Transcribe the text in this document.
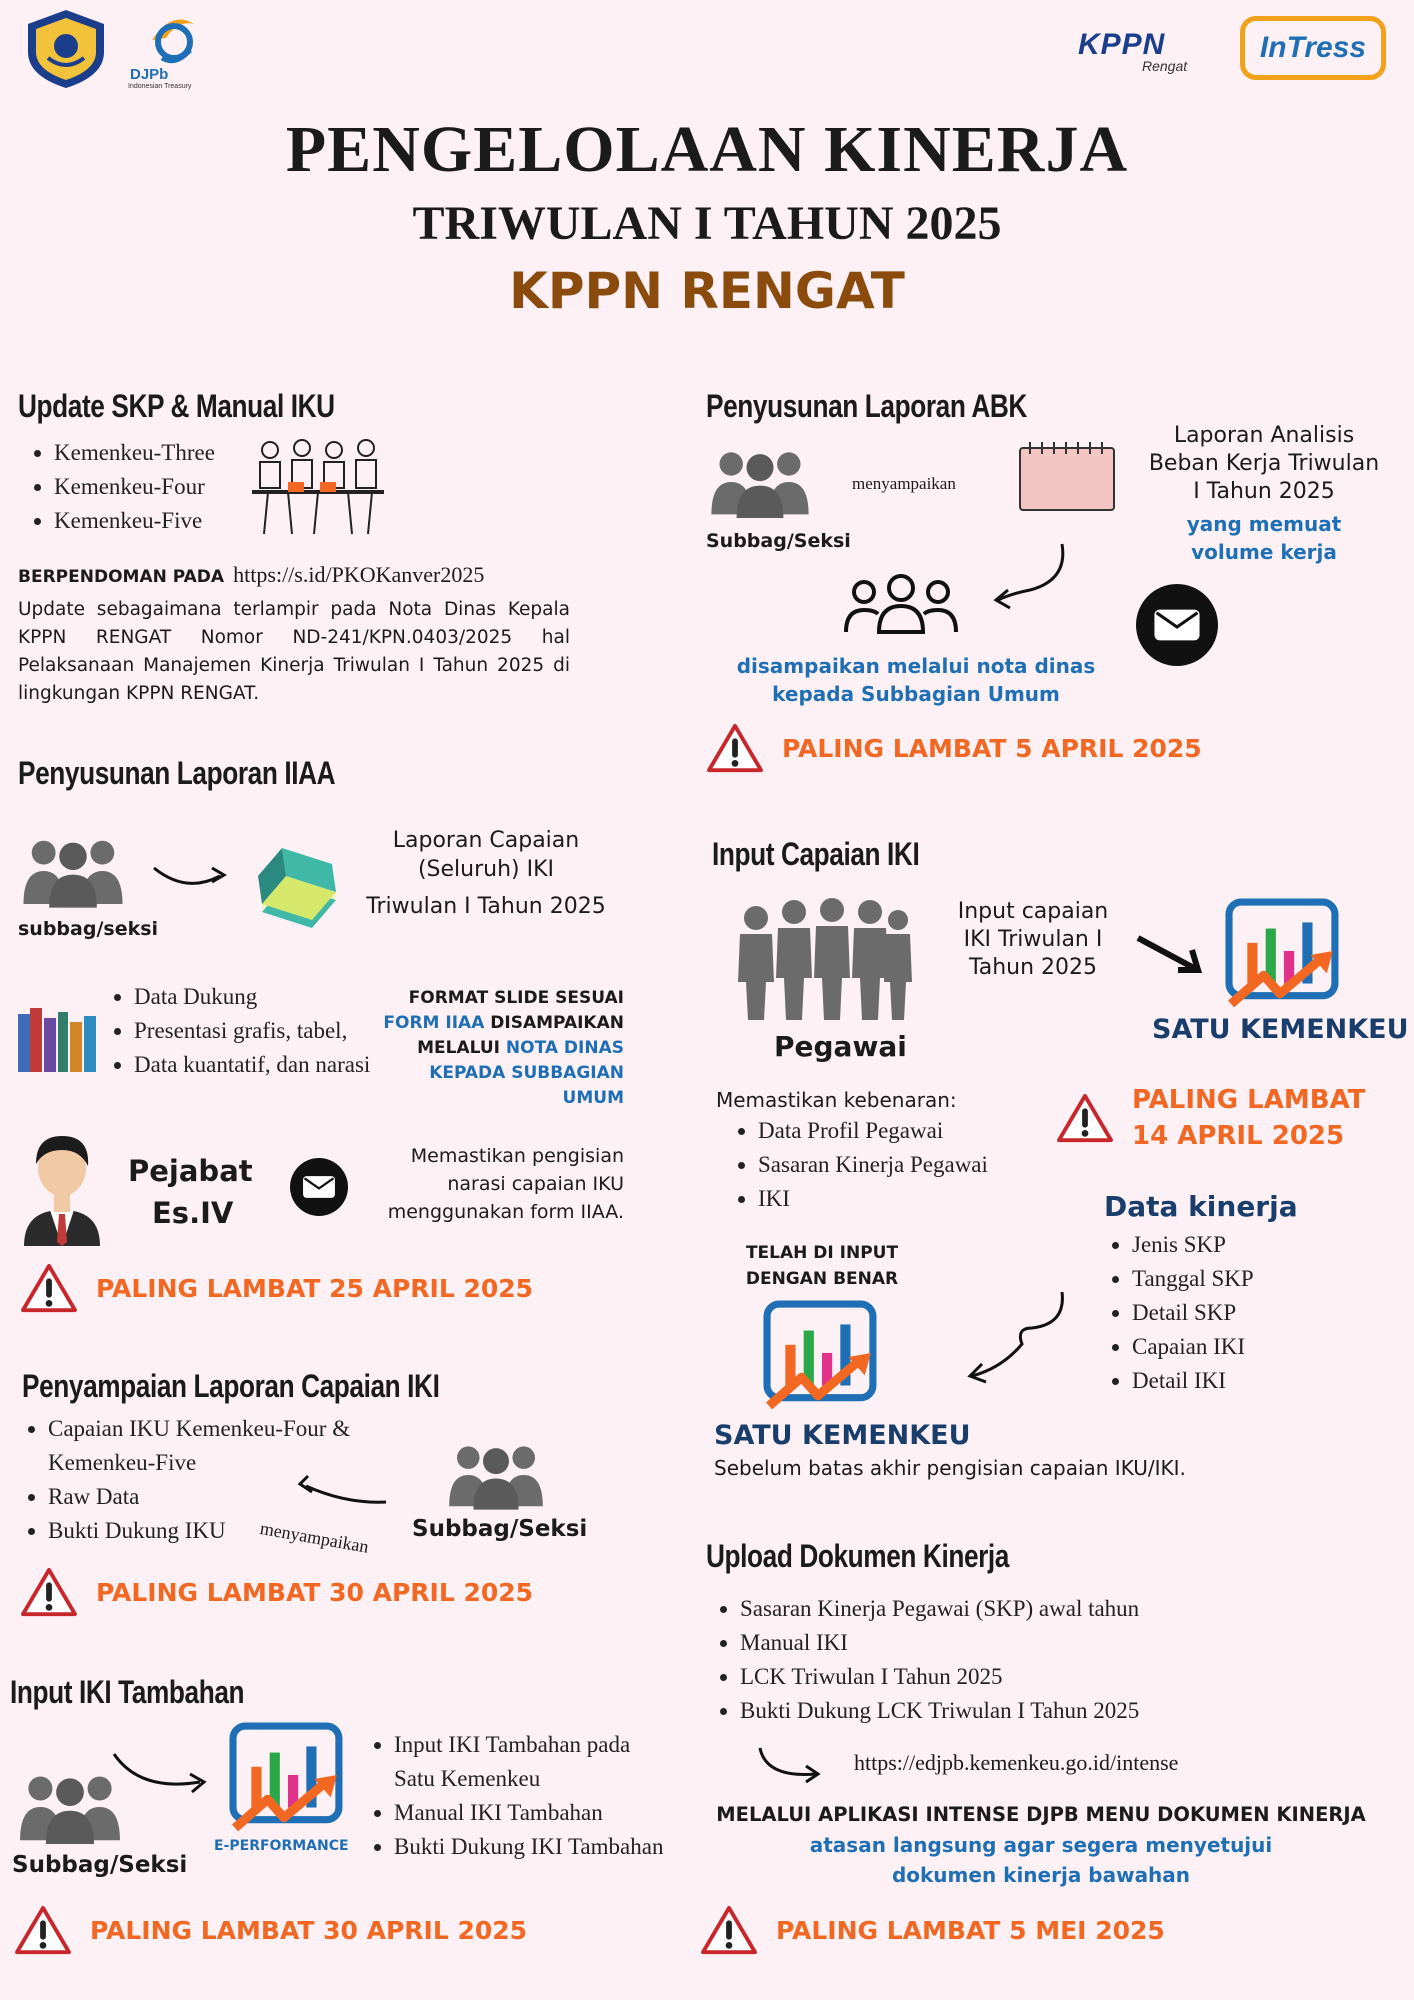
DJPb
Indonesian Treasury
KPPN
Rengat
InTress
PENGELOLAAN KINERJA
TRIWULAN I TAHUN 2025
KPPN RENGAT
Update SKP & Manual IKU
• Kemenkeu-Three
• Kemenkeu-Four
• Kemenkeu-Five
BERPENDOMAN PADA https://s.id/PKOKanver2025
Update sebagaimana terlampir pada Nota Dinas Kepala KPPN RENGAT Nomor ND-241/KPN.0403/2025 hal Pelaksanaan Manajemen Kinerja Triwulan I Tahun 2025 di lingkungan KPPN RENGAT.
Penyusunan Laporan IIAA
subbag/seksi
Laporan Capaian
(Seluruh) IKI
Triwulan I Tahun 2025
• Data Dukung
• Presentasi grafis, tabel,
• Data kuantatif, dan narasi
FORMAT SLIDE SESUAI
FORM IIAA DISAMPAIKAN
MELALUI NOTA DINAS
KEPADA SUBBAGIAN
UMUM
Pejabat
Es.IV
Memastikan pengisian narasi capaian IKU menggunakan form IIAA.
PALING LAMBAT 25 APRIL 2025
Penyampaian Laporan Capaian IKI
• Capaian IKU Kemenkeu-Four & Kemenkeu-Five
• Raw Data
• Bukti Dukung IKU	menyampaikan Subbag/Seksi
PALING LAMBAT 30 APRIL 2025
Input IKI Tambahan
Subbag/Seksi
E-PERFORMANCE
• Input IKI Tambahan pada Satu Kemenkeu
• Manual IKI Tambahan
• Bukti Dukung IKI Tambahan
PALING LAMBAT 30 APRIL 2025
Penyusunan Laporan ABK
Subbag/Seksi
menyampaikan
Laporan Analisis
Beban Kerja Triwulan
I Tahun 2025
yang memuat
volume kerja
disampaikan melalui nota dinas
kepada Subbagian Umum
PALING LAMBAT 5 APRIL 2025
Input Capaian IKI
Pegawai
Input capaian
IKI Triwulan I
Tahun 2025
SATU KEMENKEU
Memastikan kebenaran:
• Data Profil Pegawai
• Sasaran Kinerja Pegawai
• IKI
PALING LAMBAT
14 APRIL 2025
Data kinerja
• Jenis SKP
• Tanggal SKP
• Detail SKP
• Capaian IKI
• Detail IKI
TELAH DI INPUT
DENGAN BENAR
SATU KEMENKEU
Sebelum batas akhir pengisian capaian IKU/IKI.
Upload Dokumen Kinerja
• Sasaran Kinerja Pegawai (SKP) awal tahun
• Manual IKI
• LCK Triwulan I Tahun 2025
• Bukti Dukung LCK Triwulan I Tahun 2025
https://edjpb.kemenkeu.go.id/intense
MELALUI APLIKASI INTENSE DJPB MENU DOKUMEN KINERJA
atasan langsung agar segera menyetujui
dokumen kinerja bawahan
PALING LAMBAT 5 MEI 2025
